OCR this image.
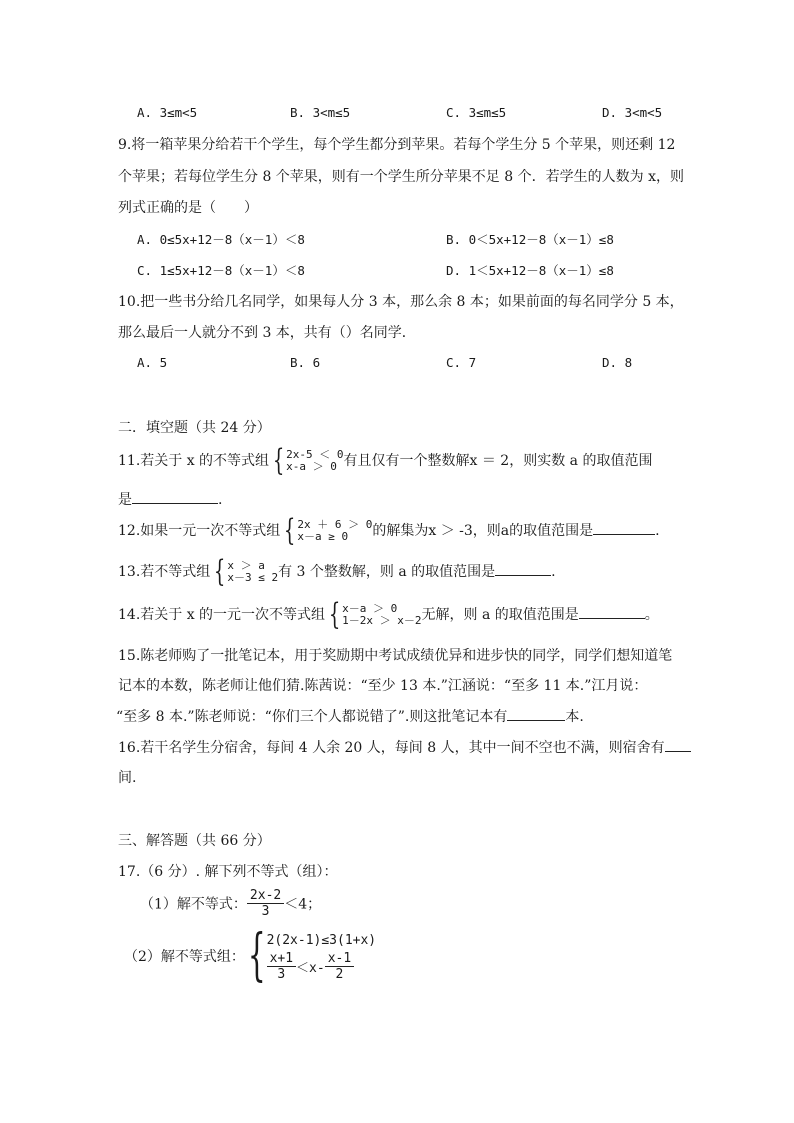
A. 3≤m<5	B. 3<m≤5	C. 3≤m≤5	D. 3<m<5
9.将一箱苹果分给若干个学生，每个学生都分到苹果。若每个学生分 5 个苹果，则还剩 12
个苹果；若每位学生分 8 个苹果，则有一个学生所分苹果不足 8 个．若学生的人数为 x，则
列式正确的是（　　）
A. 0≤5x+12－8（x－1）＜8	B. 0＜5x+12－8（x－1）≤8
C. 1≤5x+12－8（x－1）＜8	D. 1＜5x+12－8（x－1）≤8
10.把一些书分给几名同学，如果每人分 3 本，那么余 8 本；如果前面的每名同学分 5 本，
那么最后一人就分不到 3 本，共有（）名同学．
A. 5	B. 6	C. 7	D. 8
二．填空题（共 24 分）
11.若关于 x 的不等式组 { 2x-5 ＜ 0
x-a ＞ 0 有且仅有一个整数解x ＝ 2，则实数 a 的取值范围
是	.
12.如果一元一次不等式组 { 2x ＋ 6 ＞ 0
x－a ≥ 0	的解集为x ＞ -3，则a的取值范围是	.
13.若不等式组 { x ＞ a
x－3 ≤ 2 有 3 个整数解，则 a 的取值范围是	.
14.若关于 x 的一元一次不等式组 { x－a ＞ 0
1－2x ＞ x－2 无解，则 a 的取值范围是	。
15.陈老师购了一批笔记本，用于奖励期中考试成绩优异和进步快的同学，同学们想知道笔
记本的本数，陈老师让他们猜.陈茜说：“至少 13 本.”江涵说：“至多 11 本.”江月说：
“至多 8 本.”陈老师说：“你们三个人都说错了”.则这批笔记本有	本.
16.若干名学生分宿舍，每间 4 人余 20 人，每间 8 人，其中一间不空也不满，则宿舍有
间.
三、解答题（共 66 分）
17.（6 分）. 解下列不等式（组）：
（1）解不等式： $\frac{2x-2}{3} <4$；
（2）解不等式组： { 2(2x-1)≤3(1+x)
$\frac{x+1}{3} <x- \frac{x-1}{2}$
